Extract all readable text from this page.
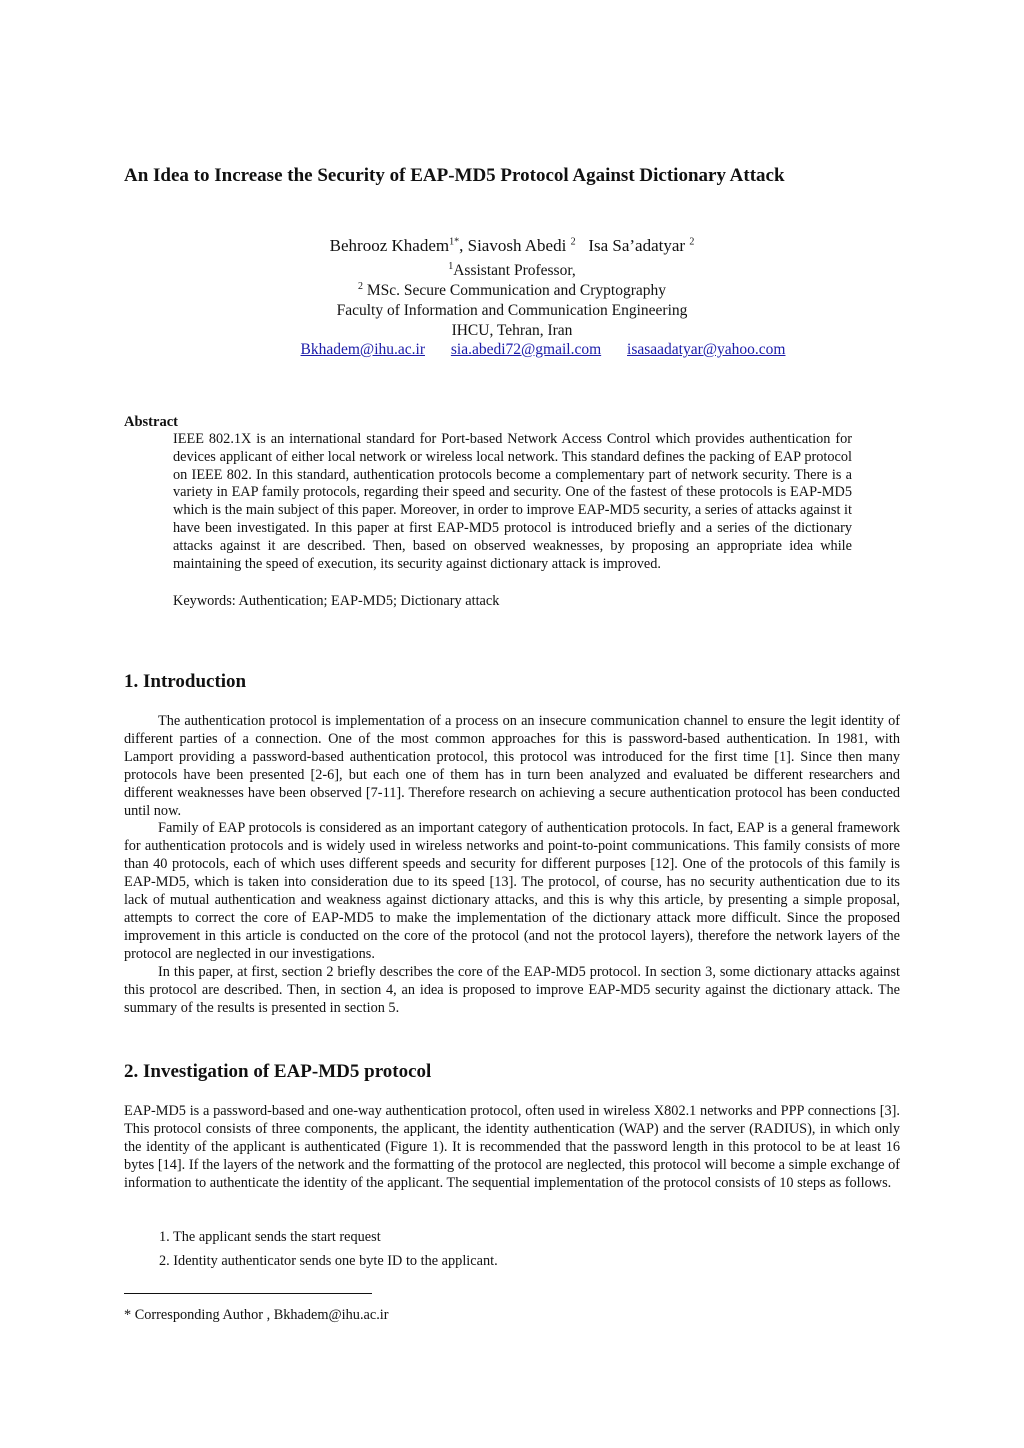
An Idea to Increase the Security of EAP-MD5 Protocol Against Dictionary Attack
Behrooz Khadem$^{1*}$, Siavosh Abedi $^2$ Isa Sa’adatyar $^2$
$^1$Assistant Professor,
$^2$ MSc. Secure Communication and Cryptography
Faculty of Information and Communication Engineering
IHCU, Tehran, Iran
Bkhadem@ihu.ac.ir sia.abedi72@gmail.com isasaadatyar@yahoo.com
Abstract
IEEE 802.1X is an international standard for Port-based Network Access Control which provides authentication for devices applicant of either local network or wireless local network. This standard defines the packing of EAP protocol on IEEE 802. In this standard, authentication protocols become a complementary part of network security. There is a variety in EAP family protocols, regarding their speed and security. One of the fastest of these protocols is EAP-MD5 which is the main subject of this paper. Moreover, in order to improve EAP-MD5 security, a series of attacks against it have been investigated. In this paper at first EAP-MD5 protocol is introduced briefly and a series of the dictionary attacks against it are described. Then, based on observed weaknesses, by proposing an appropriate idea while maintaining the speed of execution, its security against dictionary attack is improved.
Keywords: Authentication; EAP-MD5; Dictionary attack
1. Introduction

The authentication protocol is implementation of a process on an insecure communication channel to ensure the legit identity of different parties of a connection. One of the most common approaches for this is password-based authentication. In 1981, with Lamport providing a password-based authentication protocol, this protocol was introduced for the first time [1]. Since then many protocols have been presented [2-6], but each one of them has in turn been analyzed and evaluated be different researchers and different weaknesses have been observed [7-11]. Therefore research on achieving a secure authentication protocol has been conducted until now.

Family of EAP protocols is considered as an important category of authentication protocols. In fact, EAP is a general framework for authentication protocols and is widely used in wireless networks and point-to-point communications. This family consists of more than 40 protocols, each of which uses different speeds and security for different purposes [12]. One of the protocols of this family is EAP-MD5, which is taken into consideration due to its speed [13]. The protocol, of course, has no security authentication due to its lack of mutual authentication and weakness against dictionary attacks, and this is why this article, by presenting a simple proposal, attempts to correct the core of EAP-MD5 to make the implementation of the dictionary attack more difficult. Since the proposed improvement in this article is conducted on the core of the protocol (and not the protocol layers), therefore the network layers of the protocol are neglected in our investigations.

In this paper, at first, section 2 briefly describes the core of the EAP-MD5 protocol. In section 3, some dictionary attacks against this protocol are described. Then, in section 4, an idea is proposed to improve EAP-MD5 security against the dictionary attack. The summary of the results is presented in section 5.

2. Investigation of EAP-MD5 protocol

EAP-MD5 is a password-based and one-way authentication protocol, often used in wireless X802.1 networks and PPP connections [3]. This protocol consists of three components, the applicant, the identity authentication (WAP) and the server (RADIUS), in which only the identity of the applicant is authenticated (Figure 1). It is recommended that the password length in this protocol to be at least 16 bytes [14]. If the layers of the network and the formatting of the protocol are neglected, this protocol will become a simple exchange of information to authenticate the identity of the applicant. The sequential implementation of the protocol consists of 10 steps as follows.

1. The applicant sends the start request
2. Identity authenticator sends one byte ID to the applicant.
* Corresponding Author , Bkhadem@ihu.ac.ir
